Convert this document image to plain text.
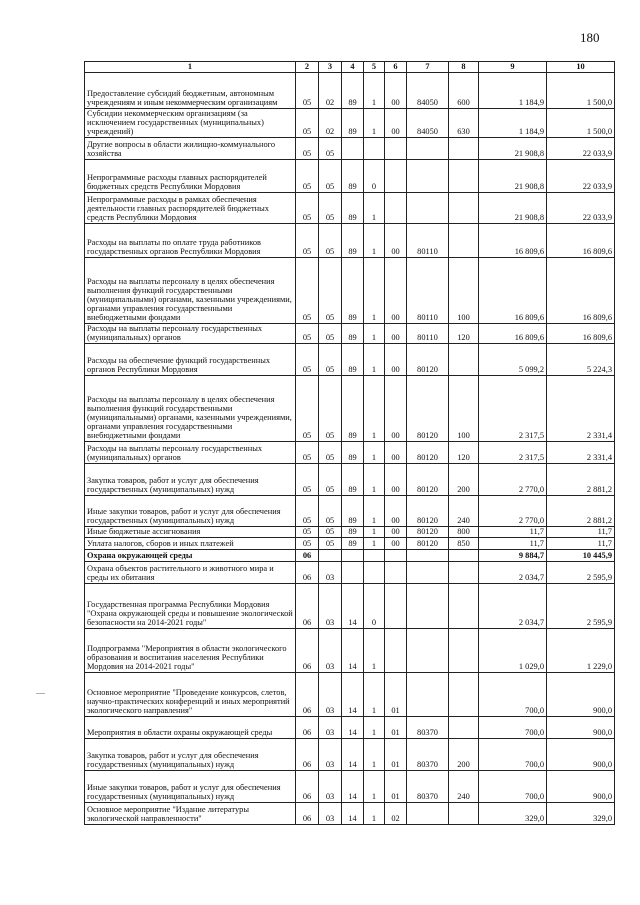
180
—
1	2	3	4	5	6	7	8	9	10
Предоставление субсидий бюджетным, автономным учреждениям и иным некоммерческим организациям	05	02	89	1	00	84050	600	1 184,9	1 500,0
Субсидии некоммерческим организациям (за исключением государственных (муниципальных) учреждений)	05	02	89	1	00	84050	630	1 184,9	1 500,0
Другие вопросы в области жилищно-коммунального хозяйства	05	05						21 908,8	22 033,9
Непрограммные расходы главных распорядителей бюджетных средств Республики Мордовия	05	05	89	0				21 908,8	22 033,9
Непрограммные расходы в рамках обеспечения деятельности главных распорядителей бюджетных средств Республики Мордовия	05	05	89	1				21 908,8	22 033,9
Расходы на выплаты по оплате труда работников государственных органов Республики Мордовия	05	05	89	1	00	80110		16 809,6	16 809,6
Расходы на выплаты персоналу в целях обеспечения выполнения функций государственными (муниципальными) органами, казенными учреждениями, органами управления государственными внебюджетными фондами	05	05	89	1	00	80110	100	16 809,6	16 809,6
Расходы на выплаты персоналу государственных (муниципальных) органов	05	05	89	1	00	80110	120	16 809,6	16 809,6
Расходы на обеспечение функций государственных органов Республики Мордовия	05	05	89	1	00	80120		5 099,2	5 224,3
Расходы на выплаты персоналу в целях обеспечения выполнения функций государственными (муниципальными) органами, казенными учреждениями, органами управления государственными внебюджетными фондами	05	05	89	1	00	80120	100	2 317,5	2 331,4
Расходы на выплаты персоналу государственных (муниципальных) органов	05	05	89	1	00	80120	120	2 317,5	2 331,4
Закупка товаров, работ и услуг для обеспечения государственных (муниципальных) нужд	05	05	89	1	00	80120	200	2 770,0	2 881,2
Иные закупки товаров, работ и услуг для обеспечения государственных (муниципальных) нужд	05	05	89	1	00	80120	240	2 770,0	2 881,2
Иные бюджетные ассигнования	05	05	89	1	00	80120	800	11,7	11,7
Уплата налогов, сборов и иных платежей	05	05	89	1	00	80120	850	11,7	11,7
Охрана окружающей среды	06							9 884,7	10 445,9
Охрана объектов растительного и животного мира и среды их обитания	06	03						2 034,7	2 595,9
Государственная программа Республики Мордовия "Охрана окружающей среды и повышение экологической безопасности на 2014-2021 годы"	06	03	14	0				2 034,7	2 595,9
Подпрограмма "Мероприятия в области экологического образования и воспитания населения Республики Мордовия на 2014-2021 годы"	06	03	14	1				1 029,0	1 229,0
Основное мероприятие "Проведение конкурсов, слетов, научно-практических конференций и иных мероприятий экологического направления"	06	03	14	1	01			700,0	900,0
Мероприятия в области охраны окружающей среды	06	03	14	1	01	80370		700,0	900,0
Закупка товаров, работ и услуг для обеспечения государственных (муниципальных) нужд	06	03	14	1	01	80370	200	700,0	900,0
Иные закупки товаров, работ и услуг для обеспечения государственных (муниципальных) нужд	06	03	14	1	01	80370	240	700,0	900,0
Основное мероприятие "Издание литературы экологической направленности"	06	03	14	1	02			329,0	329,0
